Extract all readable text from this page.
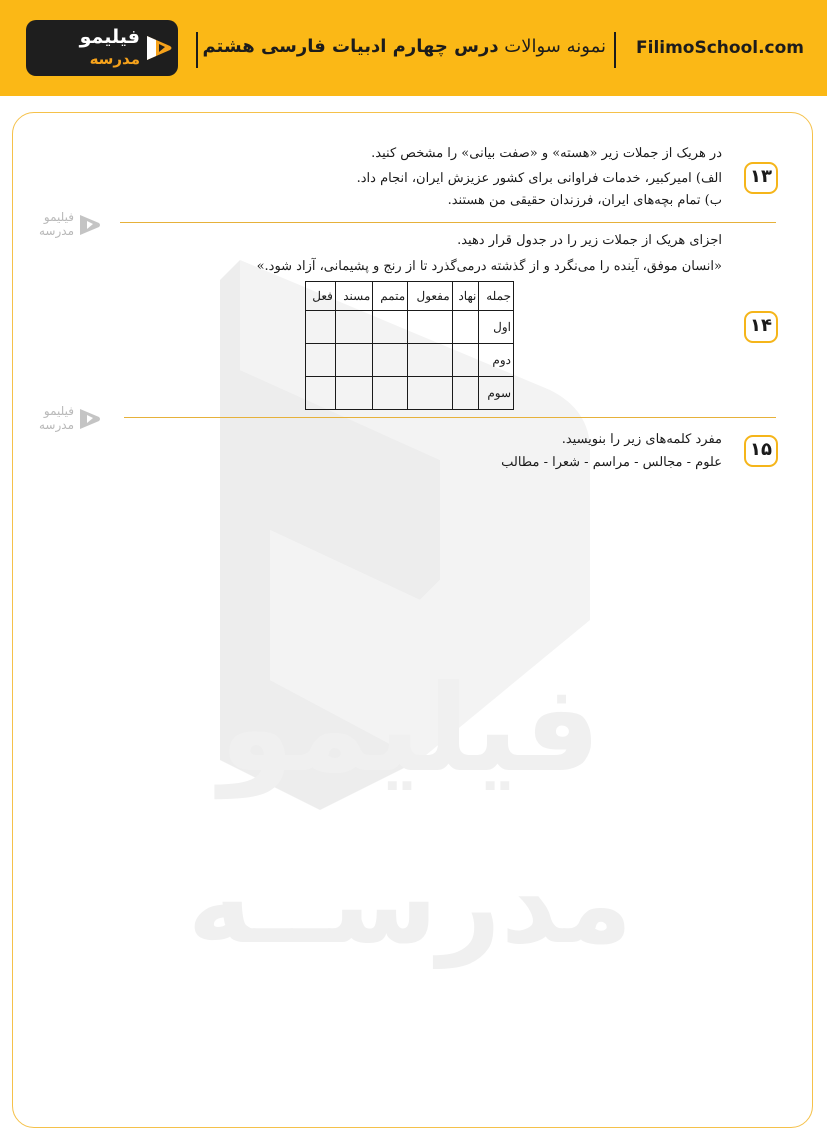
FilimoSchool.com
نمونه سوالات درس چهارم ادبیات فارسی هشتم
فیلیمو
مدرسه
فیلیمو
مدرســه
فیلیمو
مدرسه
فیلیمو
مدرسه
۱۳
در هریک از جملات زیر «هسته» و «صفت بیانی» را مشخص کنید.
الف) امیرکبیر، خدمات فراوانی برای کشور عزیزش ایران، انجام داد.
ب) تمام بچه‌های ایران، فرزندان حقیقی من هستند.
۱۴
اجزای هریک از جملات زیر را در جدول قرار دهید.
«انسان موفق، آینده را می‌نگرد و از گذشته درمی‌گذرد تا از رنج و پشیمانی، آزاد شود.»
جمله	نهاد	مفعول	متمم	مسند	فعل
اول					
دوم					
سوم					
۱۵
مفرد کلمه‌های زیر را بنویسید.
علوم - مجالس - مراسم - شعرا - مطالب
